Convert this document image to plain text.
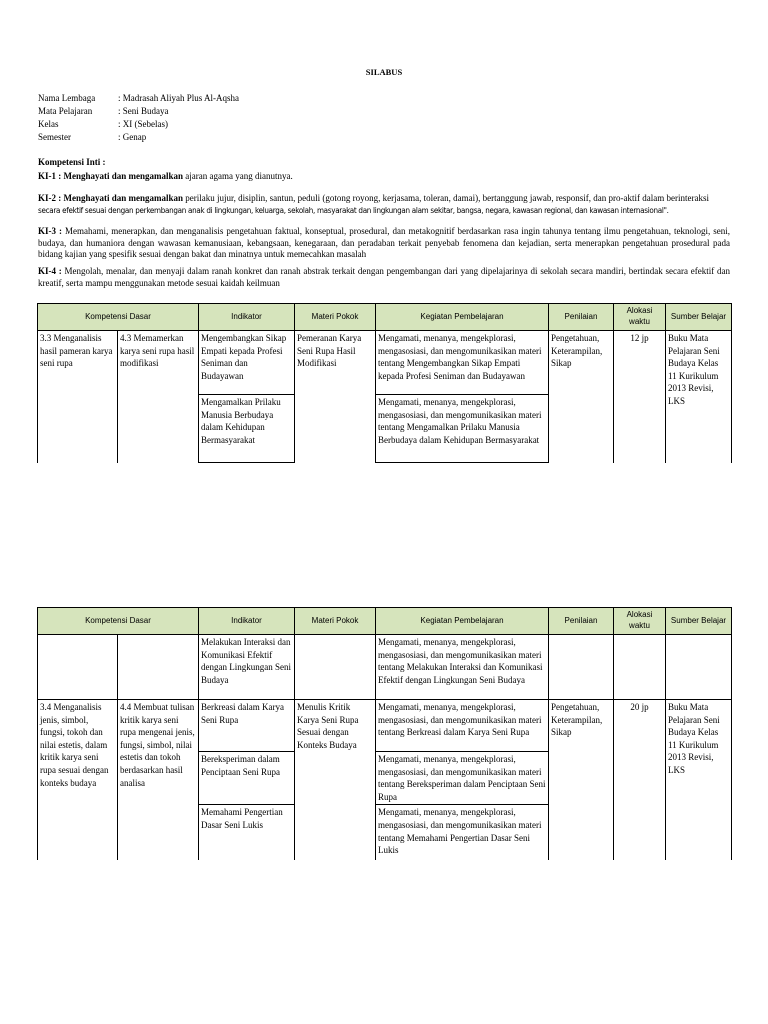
SILABUS
Nama Lembaga	: Madrasah Aliyah Plus Al-Aqsha
Mata Pelajaran	: Seni Budaya
Kelas	: XI (Sebelas)
Semester	: Genap
Kompetensi Inti :
KI-1 : Menghayati dan mengamalkan ajaran agama yang dianutnya.
KI-2 : Menghayati dan mengamalkan perilaku jujur, disiplin, santun, peduli (gotong royong, kerjasama, toleran, damai), bertanggung jawab, responsif, dan pro-aktif dalam berinteraksi
secara efektif sesuai dengan perkembangan anak di lingkungan, keluarga, sekolah, masyarakat dan lingkungan alam sekitar, bangsa, negara, kawasan regional, dan kawasan internasional".
KI-3 : Memahami, menerapkan, dan menganalisis pengetahuan faktual, konseptual, prosedural, dan metakognitif berdasarkan rasa ingin tahunya tentang ilmu pengetahuan, teknologi, seni, budaya, dan humaniora dengan wawasan kemanusiaan, kebangsaan, kenegaraan, dan peradaban terkait penyebab fenomena dan kejadian, serta menerapkan pengetahuan prosedural pada bidang kajian yang spesifik sesuai dengan bakat dan minatnya untuk memecahkan masalah
KI-4 : Mengolah, menalar, dan menyaji dalam ranah konkret dan ranah abstrak terkait dengan pengembangan dari yang dipelajarinya di sekolah secara mandiri, bertindak secara efektif dan kreatif, serta mampu menggunakan metode sesuai kaidah keilmuan
Kompetensi Dasar		Indikator	Materi Pokok	Kegiatan Pembelajaran	Penilaian	Alokasi waktu	Sumber Belajar
3.3 Menganalisis hasil pameran karya seni rupa	4.3 Memamerkan karya seni rupa hasil modifikasi	Mengembangkan Sikap Empati kepada Profesi Seniman dan Budayawan	Pemeranan Karya Seni Rupa Hasil Modifikasi	Mengamati, menanya, mengekplorasi, mengasosiasi, dan mengomunikasikan materi tentang Mengembangkan Sikap Empati kepada Profesi Seniman dan Budayawan	Pengetahuan, Keterampilan, Sikap	12 jp	Buku Mata Pelajaran Seni Budaya Kelas 11 Kurikulum 2013 Revisi, LKS
		Mengamalkan Prilaku Manusia Berbudaya dalam Kehidupan Bermasyarakat		Mengamati, menanya, mengekplorasi, mengasosiasi, dan mengomunikasikan materi tentang Mengamalkan Prilaku Manusia Berbudaya dalam Kehidupan Bermasyarakat			
Kompetensi Dasar		Indikator	Materi Pokok	Kegiatan Pembelajaran	Penilaian	Alokasi waktu	Sumber Belajar
		Melakukan Interaksi dan Komunikasi Efektif dengan Lingkungan Seni Budaya		Mengamati, menanya, mengekplorasi, mengasosiasi, dan mengomunikasikan materi tentang Melakukan Interaksi dan Komunikasi Efektif dengan Lingkungan Seni Budaya			
3.4 Menganalisis jenis, simbol, fungsi, tokoh dan nilai estetis, dalam kritik karya seni rupa sesuai dengan konteks budaya	4.4 Membuat tulisan kritik karya seni rupa mengenai jenis, fungsi, simbol, nilai estetis dan tokoh berdasarkan hasil analisa	Berkreasi dalam Karya Seni Rupa	Menulis Kritik Karya Seni Rupa Sesuai dengan Konteks Budaya	Mengamati, menanya, mengekplorasi, mengasosiasi, dan mengomunikasikan materi tentang Berkreasi dalam Karya Seni Rupa	Pengetahuan, Keterampilan, Sikap	20 jp	Buku Mata Pelajaran Seni Budaya Kelas 11 Kurikulum 2013 Revisi, LKS
		Bereksperiman dalam Penciptaan Seni Rupa		Mengamati, menanya, mengekplorasi, mengasosiasi, dan mengomunikasikan materi tentang Bereksperiman dalam Penciptaan Seni Rupa			
		Memahami Pengertian Dasar Seni Lukis		Mengamati, menanya, mengekplorasi, mengasosiasi, dan mengomunikasikan materi tentang Memahami Pengertian Dasar Seni Lukis			
